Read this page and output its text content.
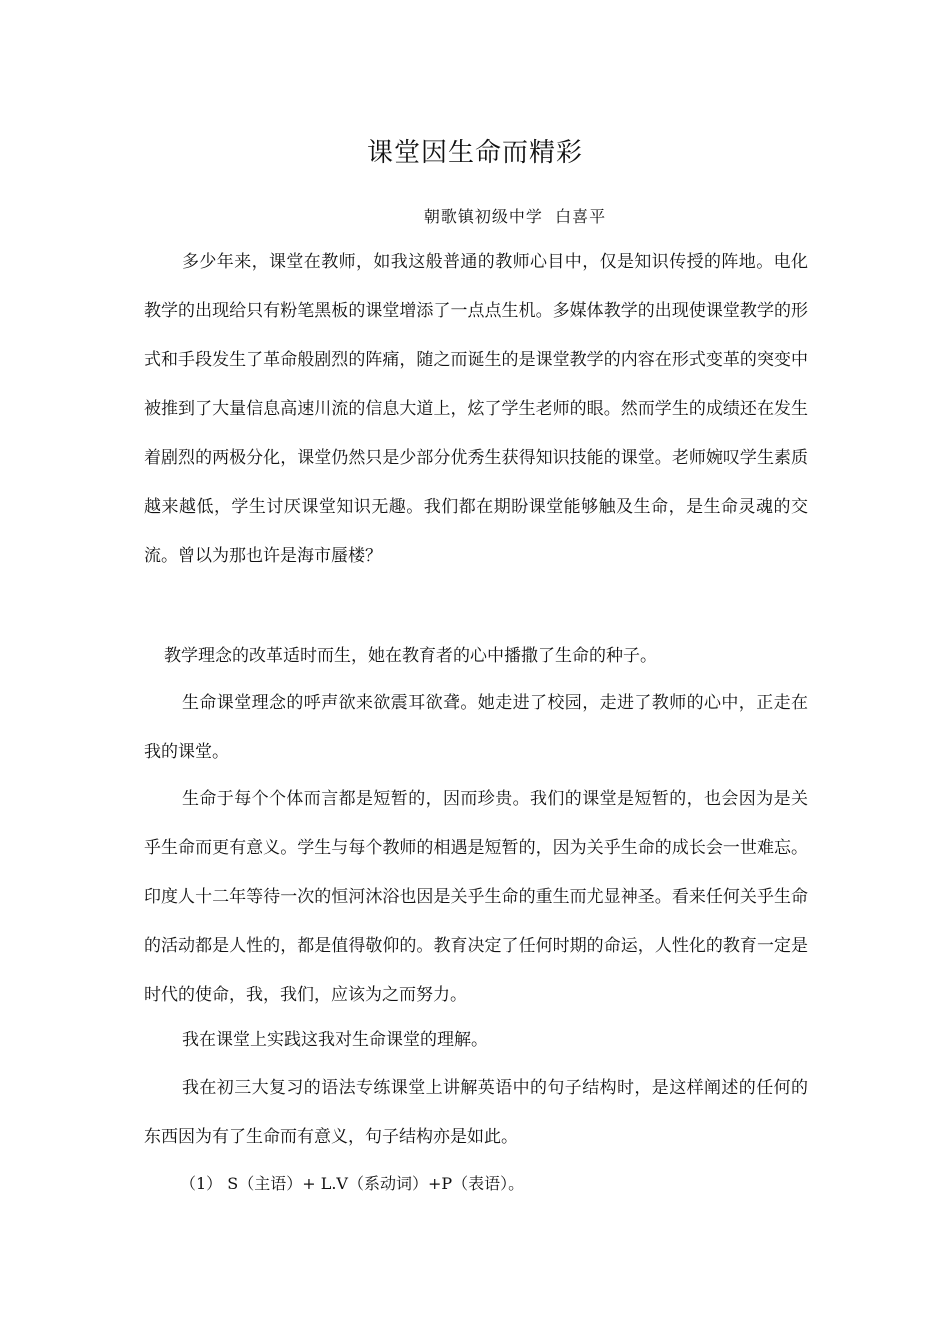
课堂因生命而精彩
朝歌镇初级中学  白喜平

多少年来，课堂在教师，如我这般普通的教师心目中，仅是知识传授的阵地。电化教学的出现给只有粉笔黑板的课堂增添了一点点生机。多媒体教学的出现使课堂教学的形式和手段发生了革命般剧烈的阵痛，随之而诞生的是课堂教学的内容在形式变革的突变中被推到了大量信息高速川流的信息大道上，炫了学生老师的眼。然而学生的成绩还在发生着剧烈的两极分化，课堂仍然只是少部分优秀生获得知识技能的课堂。老师婉叹学生素质越来越低，学生讨厌课堂知识无趣。我们都在期盼课堂能够触及生命，是生命灵魂的交流。曾以为那也许是海市蜃楼？

教学理念的改革适时而生，她在教育者的心中播撒了生命的种子。

生命课堂理念的呼声欲来欲震耳欲聋。她走进了校园，走进了教师的心中，正走在我的课堂。

生命于每个个体而言都是短暂的，因而珍贵。我们的课堂是短暂的，也会因为是关乎生命而更有意义。学生与每个教师的相遇是短暂的，因为关乎生命的成长会一世难忘。印度人十二年等待一次的恒河沐浴也因是关乎生命的重生而尤显神圣。看来任何关乎生命的活动都是人性的，都是值得敬仰的。教育决定了任何时期的命运，人性化的教育一定是时代的使命，我，我们，应该为之而努力。

我在课堂上实践这我对生命课堂的理解。

我在初三大复习的语法专练课堂上讲解英语中的句子结构时，是这样阐述的任何的东西因为有了生命而有意义，句子结构亦是如此。

（1） S（主语）+ L.V（系动词）+P（表语）。
